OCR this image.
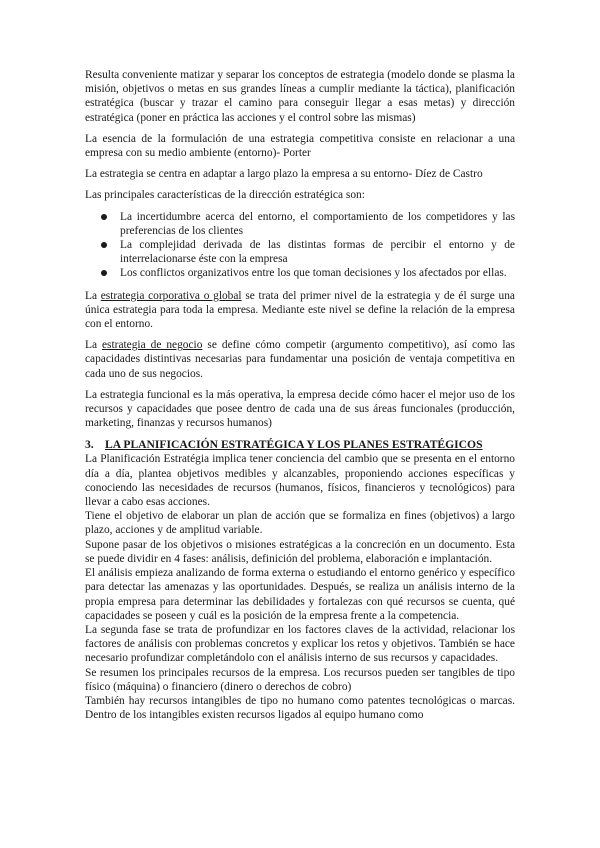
Resulta conveniente matizar y separar los conceptos de estrategia (modelo donde se plasma la misión, objetivos o metas en sus grandes líneas a cumplir mediante la táctica), planificación estratégica (buscar y trazar el camino para conseguir llegar a esas metas) y dirección estratégica (poner en práctica las acciones y el control sobre las mismas)

La esencia de la formulación de una estrategia competitiva consiste en relacionar a una empresa con su medio ambiente (entorno)- Porter

La estrategia se centra en adaptar a largo plazo la empresa a su entorno- Díez de Castro

Las principales características de la dirección estratégica son:

La incertidumbre acerca del entorno, el comportamiento de los competidores y las preferencias de los clientes
La complejidad derivada de las distintas formas de percibir el entorno y de interrelacionarse éste con la empresa
Los conflictos organizativos entre los que toman decisiones y los afectados por ellas.

La estrategia corporativa o global se trata del primer nivel de la estrategia y de él surge una única estrategia para toda la empresa. Mediante este nivel se define la relación de la empresa con el entorno.

La estrategia de negocio se define cómo competir (argumento competitivo), así como las capacidades distintivas necesarias para fundamentar una posición de ventaja competitiva en cada uno de sus negocios.

La estrategia funcional es la más operativa, la empresa decide cómo hacer el mejor uso de los recursos y capacidades que posee dentro de cada una de sus áreas funcionales (producción, marketing, finanzas y recursos humanos)

3. LA PLANIFICACIÓN ESTRATÉGICA Y LOS PLANES ESTRATÉGICOS

La Planificación Estratégia implica tener conciencia del cambio que se presenta en el entorno día a día, plantea objetivos medibles y alcanzables, proponiendo acciones específicas y conociendo las necesidades de recursos (humanos, físicos, financieros y tecnológicos) para llevar a cabo esas acciones.

Tiene el objetivo de elaborar un plan de acción que se formaliza en fines (objetivos) a largo plazo, acciones y de amplitud variable.

Supone pasar de los objetivos o misiones estratégicas a la concreción en un documento. Esta se puede dividir en 4 fases: análisis, definición del problema, elaboración e implantación.

El análisis empieza analizando de forma externa o estudiando el entorno genérico y específico para detectar las amenazas y las oportunidades. Después, se realiza un análisis interno de la propia empresa para determinar las debilidades y fortalezas con qué recursos se cuenta, qué capacidades se poseen y cuál es la posición de la empresa frente a la competencia.

La segunda fase se trata de profundizar en los factores claves de la actividad, relacionar los factores de análisis con problemas concretos y explicar los retos y objetivos. También se hace necesario profundizar completándolo con el análisis interno de sus recursos y capacidades.

Se resumen los principales recursos de la empresa. Los recursos pueden ser tangibles de tipo físico (máquina) o financiero (dinero o derechos de cobro)

También hay recursos intangibles de tipo no humano como patentes tecnológicas o marcas. Dentro de los intangibles existen recursos ligados al equipo humano como
